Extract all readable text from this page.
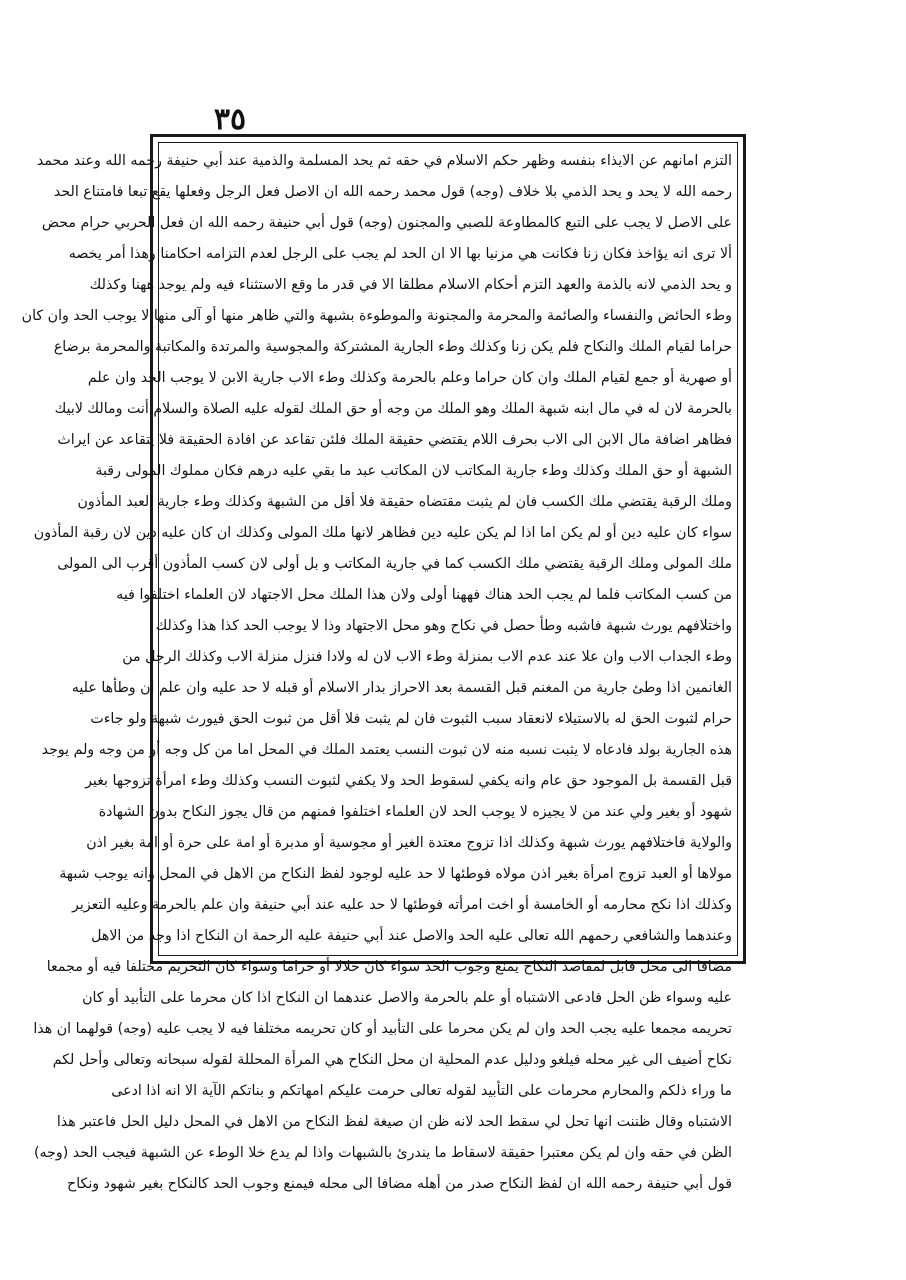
٣٥
التزم امانهم عن الايذاء بنفسه وظهر حكم الاسلام في حقه ثم يحد المسلمة والذمية عند أبي حنيفة رحمه الله وعند محمد
رحمه الله لا يحد و يحد الذمي بلا خلاف (وجه) قول محمد رحمه الله ان الاصل فعل الرجل وفعلها يقع تبعا فامتناع الحد
على الاصل لا يجب على التبع كالمطاوعة للصبي والمجنون (وجه) قول أبي حنيفة رحمه الله ان فعل الحربي حرام محض
ألا ترى انه يؤاخذ فكان زنا فكانت هي مزنيا بها الا ان الحد لم يجب على الرجل لعدم التزامه احكامنا وهذا أمر يخصه
و يحد الذمي لانه بالذمة والعهد التزم أحكام الاسلام مطلقا الا في قدر ما وقع الاستثناء فيه ولم يوجد ههنا وكذلك
وطء الحائض والنفساء والصائمة والمحرمة والمجنونة والموطوءة بشبهة والتي ظاهر منها أو آلى منها لا يوجب الحد وان كان
حراما لقيام الملك والنكاح فلم يكن زنا وكذلك وطء الجارية المشتركة والمجوسية والمرتدة والمكاتبة والمحرمة برضاع
أو صهرية أو جمع لقيام الملك وان كان حراما وعلم بالحرمة وكذلك وطء الاب جارية الابن لا يوجب الحد وان علم
بالحرمة لان له في مال ابنه شبهة الملك وهو الملك من وجه أو حق الملك لقوله عليه الصلاة والسلام أنت ومالك لابيك
فظاهر اضافة مال الابن الى الاب بحرف اللام يقتضي حقيقة الملك فلئن تقاعد عن افادة الحقيقة فلا يتقاعد عن ايراث
الشبهة أو حق الملك وكذلك وطء جارية المكاتب لان المكاتب عبد ما بقي عليه درهم فكان مملوك المولى رقبة
وملك الرقبة يقتضي ملك الكسب فان لم يثبت مقتضاه حقيقة فلا أقل من الشبهة وكذلك وطء جارية العبد المأذون
سواء كان عليه دين أو لم يكن اما اذا لم يكن عليه دين فظاهر لانها ملك المولى وكذلك ان كان عليه دين لان رقبة المأذون
ملك المولى وملك الرقبة يقتضي ملك الكسب كما في جارية المكاتب و بل أولى لان كسب المأذون أقرب الى المولى
من كسب المكاتب فلما لم يجب الحد هناك فههنا أولى ولان هذا الملك محل الاجتهاد لان العلماء اختلفوا فيه
واختلافهم يورث شبهة فاشبه وطأ حصل في نكاح وهو محل الاجتهاد وذا لا يوجب الحد كذا هذا وكذلك
وطء الجداب الاب وان علا عند عدم الاب بمنزلة وطء الاب لان له ولادا فنزل منزلة الاب وكذلك الرجل من
الغانمين اذا وطئ جارية من المغنم قبل القسمة بعد الاحراز بدار الاسلام أو قبله لا حد عليه وان علم ان وطأها عليه
حرام لثبوت الحق له بالاستيلاء لانعقاد سبب الثبوت فان لم يثبت فلا أقل من ثبوت الحق فيورث شبهة ولو جاءت
هذه الجارية بولد فادعاه لا يثبت نسبه منه لان ثبوت النسب يعتمد الملك في المحل اما من كل وجه أو من وجه ولم يوجد
قبل القسمة بل الموجود حق عام وانه يكفي لسقوط الحد ولا يكفي لثبوت النسب وكذلك وطء امرأة تزوجها بغير
شهود أو بغير ولي عند من لا يجيزه لا يوجب الحد لان العلماء اختلفوا فمنهم من قال يجوز النكاح بدون الشهادة
والولاية فاختلافهم يورث شبهة وكذلك اذا تزوج معتدة الغير أو مجوسية أو مدبرة أو امة على حرة أو امة بغير اذن
مولاها أو العبد تزوج امرأة بغير اذن مولاه فوطئها لا حد عليه لوجود لفظ النكاح من الاهل في المحل وانه يوجب شبهة
وكذلك اذا نكح محارمه أو الخامسة أو اخت امرأته فوطئها لا حد عليه عند أبي حنيفة وان علم بالحرمة وعليه التعزير
وعندهما والشافعي رحمهم الله تعالى عليه الحد والاصل عند أبي حنيفة عليه الرحمة ان النكاح اذا وجد من الاهل
مضافا الى محل قابل لمقاصد النكاح يمنع وجوب الحد سواء كان حلالا أو حراما وسواء كان التحريم مختلفا فيه أو مجمعا
عليه وسواء ظن الحل فادعى الاشتباه أو علم بالحرمة والاصل عندهما ان النكاح اذا كان محرما على التأبيد أو كان
تحريمه مجمعا عليه يجب الحد وان لم يكن محرما على التأبيد أو كان تحريمه مختلفا فيه لا يجب عليه (وجه) قولهما ان هذا
نكاح أضيف الى غير محله فيلغو ودليل عدم المحلية ان محل النكاح هي المرأة المحللة لقوله سبحانه وتعالى وأحل لكم
ما وراء ذلكم والمحارم محرمات على التأبيد لقوله تعالى حرمت عليكم امهاتكم و بناتكم الآية الا انه اذا ادعى
الاشتباه وقال ظننت انها تحل لي سقط الحد لانه ظن ان صيغة لفظ النكاح من الاهل في المحل دليل الحل فاعتبر هذا
الظن في حقه وان لم يكن معتبرا حقيقة لاسقاط ما يندرئ بالشبهات واذا لم يدع خلا الوطء عن الشبهة فيجب الحد (وجه)
قول أبي حنيفة رحمه الله ان لفظ النكاح صدر من أهله مضافا الى محله فيمنع وجوب الحد كالنكاح بغير شهود ونكاح
